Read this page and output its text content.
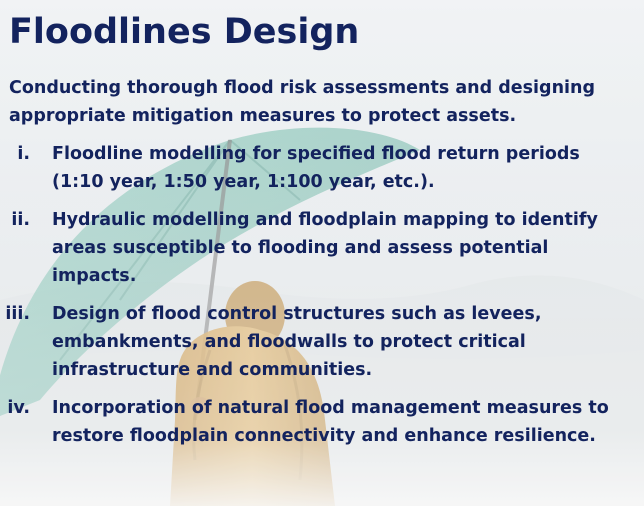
Floodlines Design

Conducting thorough flood risk assessments and designing appropriate mitigation measures to protect assets.

i. Floodline modelling for specified flood return periods (1:10 year, 1:50 year, 1:100 year, etc.).
ii. Hydraulic modelling and floodplain mapping to identify areas susceptible to flooding and assess potential impacts.
iii. Design of flood control structures such as levees, embankments, and floodwalls to protect critical infrastructure and communities.
iv. Incorporation of natural flood management measures to restore floodplain connectivity and enhance resilience.
